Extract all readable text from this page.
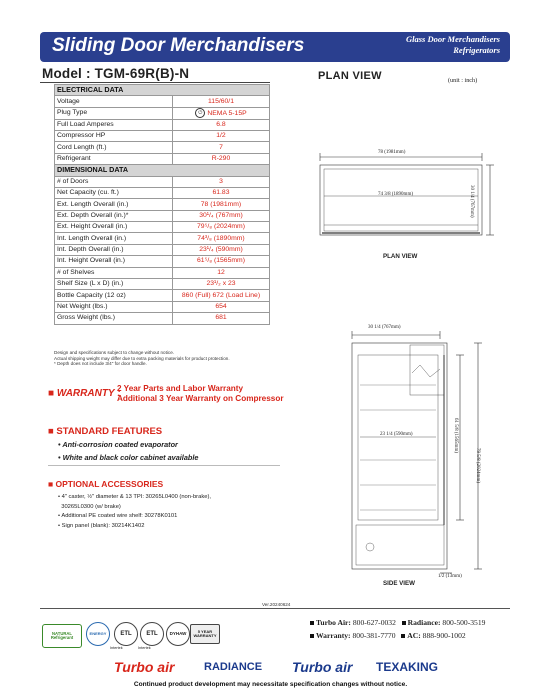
Sliding Door Merchandisers	Glass Door Merchandisers
Refrigerators
Model : TGM-69R(B)-N
ELECTRICAL DATA	
Voltage	115/60/1
Plug Type	⏻ NEMA 5-15P
Full Load Amperes	6.8
Compressor HP	1/2
Cord Length (ft.)	7
Refrigerant	R-290
DIMENSIONAL DATA	
# of Doors	3
Net Capacity (cu. ft.)	61.83
Ext. Length Overall (in.)	78 (1981mm)
Ext. Depth Overall (in.)*	30¹/₄ (767mm)
Ext. Height Overall (in.)	79⁵/₈ (2024mm)
Int. Length Overall (in.)	74³/₈ (1890mm)
Int. Depth Overall (in.)	23¹/₄ (590mm)
Int. Height Overall (in.)	61⁵/₈ (1565mm)
# of Shelves	12
Shelf Size (L x D) (in.)	23¹/₂ x 23
Bottle Capacity (12 oz)	860 (Full) 672 (Load Line)
Net Weight (lbs.)	654
Gross Weight (lbs.)	681
Design and specifications subject to change without notice.
Actual shipping weight may differ due to extra packing materials for product protection.
* Depth does not include 3/4" for door handle.
■ WARRANTY :
2 Year Parts and Labor Warranty
Additional 3 Year Warranty on Compressor
■ STANDARD FEATURES
• Anti-corrosion coated evaporator
• White and black color cabinet available
■ OPTIONAL ACCESSORIES
• 4" caster, ½" diameter & 13 TPI: 30265L0400 (non-brake),
30265L0300 (w/ brake)
• Additional PE coated wire shelf: 30278K0101
• Sign panel (blank): 30214K1402
Ver.20240624
PLAN VIEW	(unit : inch)
78 (1981mm)
74 3/8 (1890mm)	30 1/4 (767mm)
PLAN VIEW
30 1/4 (767mm)
23 1/4 (590mm)	61 5/8 (1565mm)
79 5/8 (2024mm)
1/2 (13mm)
SIDE VIEW
NATURAL Refrigerant
ENERGY ETL ETL	DYHAW	5 YEAR WARRANTY
Intertek	Intertek
Turbo Air: 800-627-0032 Radiance: 800-500-3519
Warranty: 800-381-7770 AC: 888-900-1002
Turbo air	RADIANCE Turbo air TEXAKING
Continued product development may necessitate specification changes without notice.
